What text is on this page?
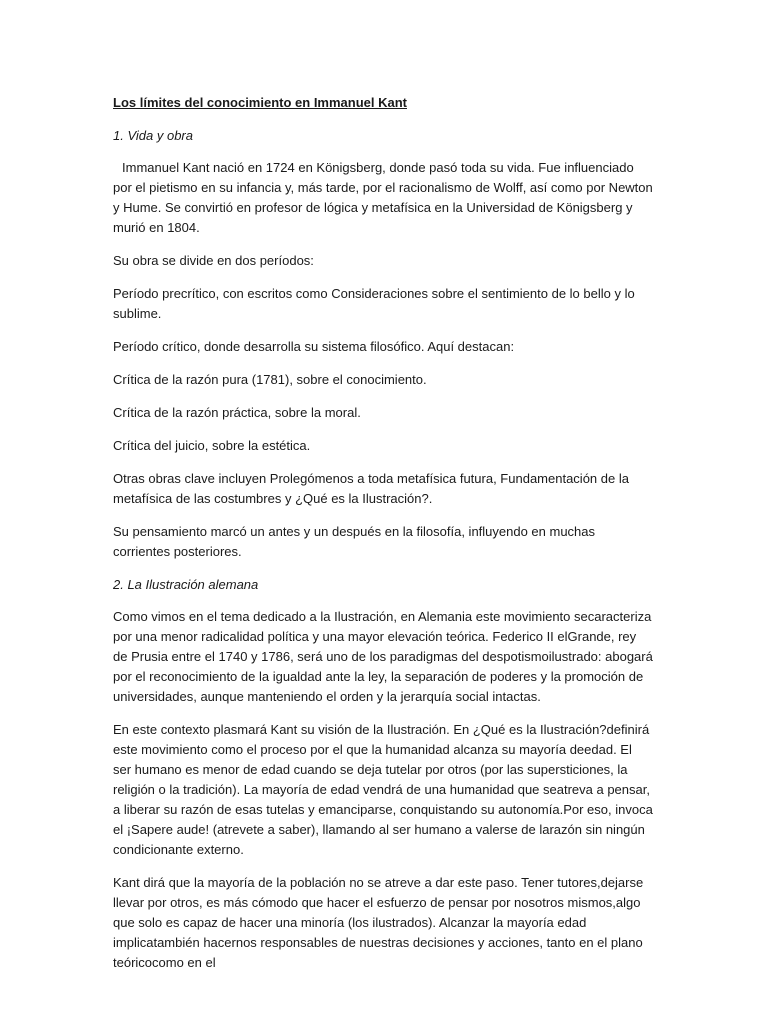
Los límites del conocimiento en Immanuel Kant
1. Vida y obra
Immanuel Kant nació en 1724 en Königsberg, donde pasó toda su vida. Fue influenciado por el pietismo en su infancia y, más tarde, por el racionalismo de Wolff, así como por Newton y Hume. Se convirtió en profesor de lógica y metafísica en la Universidad de Königsberg y murió en 1804.
Su obra se divide en dos períodos:
Período precrítico, con escritos como Consideraciones sobre el sentimiento de lo bello y lo sublime.
Período crítico, donde desarrolla su sistema filosófico. Aquí destacan:
Crítica de la razón pura (1781), sobre el conocimiento.
Crítica de la razón práctica, sobre la moral.
Crítica del juicio, sobre la estética.
Otras obras clave incluyen Prolegómenos a toda metafísica futura, Fundamentación de la metafísica de las costumbres y ¿Qué es la Ilustración?.
Su pensamiento marcó un antes y un después en la filosofía, influyendo en muchas corrientes posteriores.
2. La Ilustración alemana
Como vimos en el tema dedicado a la Ilustración, en Alemania este movimiento secaracteriza por una menor radicalidad política y una mayor elevación teórica. Federico II elGrande, rey de Prusia entre el 1740 y 1786, será uno de los paradigmas del despotismoilustrado: abogará por el reconocimiento de la igualdad ante la ley, la separación de poderes y la promoción de universidades, aunque manteniendo el orden y la jerarquía social intactas.
En este contexto plasmará Kant su visión de la Ilustración. En ¿Qué es la Ilustración?definirá este movimiento como el proceso por el que la humanidad alcanza su mayoría deedad. El ser humano es menor de edad cuando se deja tutelar por otros (por las supersticiones, la religión o la tradición). La mayoría de edad vendrá de una humanidad que seatreva a pensar, a liberar su razón de esas tutelas y emanciparse, conquistando su autonomía.Por eso, invoca el ¡Sapere aude! (atrevete a saber), llamando al ser humano a valerse de larazón sin ningún condicionante externo.
Kant dirá que la mayoría de la población no se atreve a dar este paso. Tener tutores,dejarse llevar por otros, es más cómodo que hacer el esfuerzo de pensar por nosotros mismos,algo que solo es capaz de hacer una minoría (los ilustrados). Alcanzar la mayoría edad implicatambién hacernos responsables de nuestras decisiones y acciones, tanto en el plano teóricocomo en el
